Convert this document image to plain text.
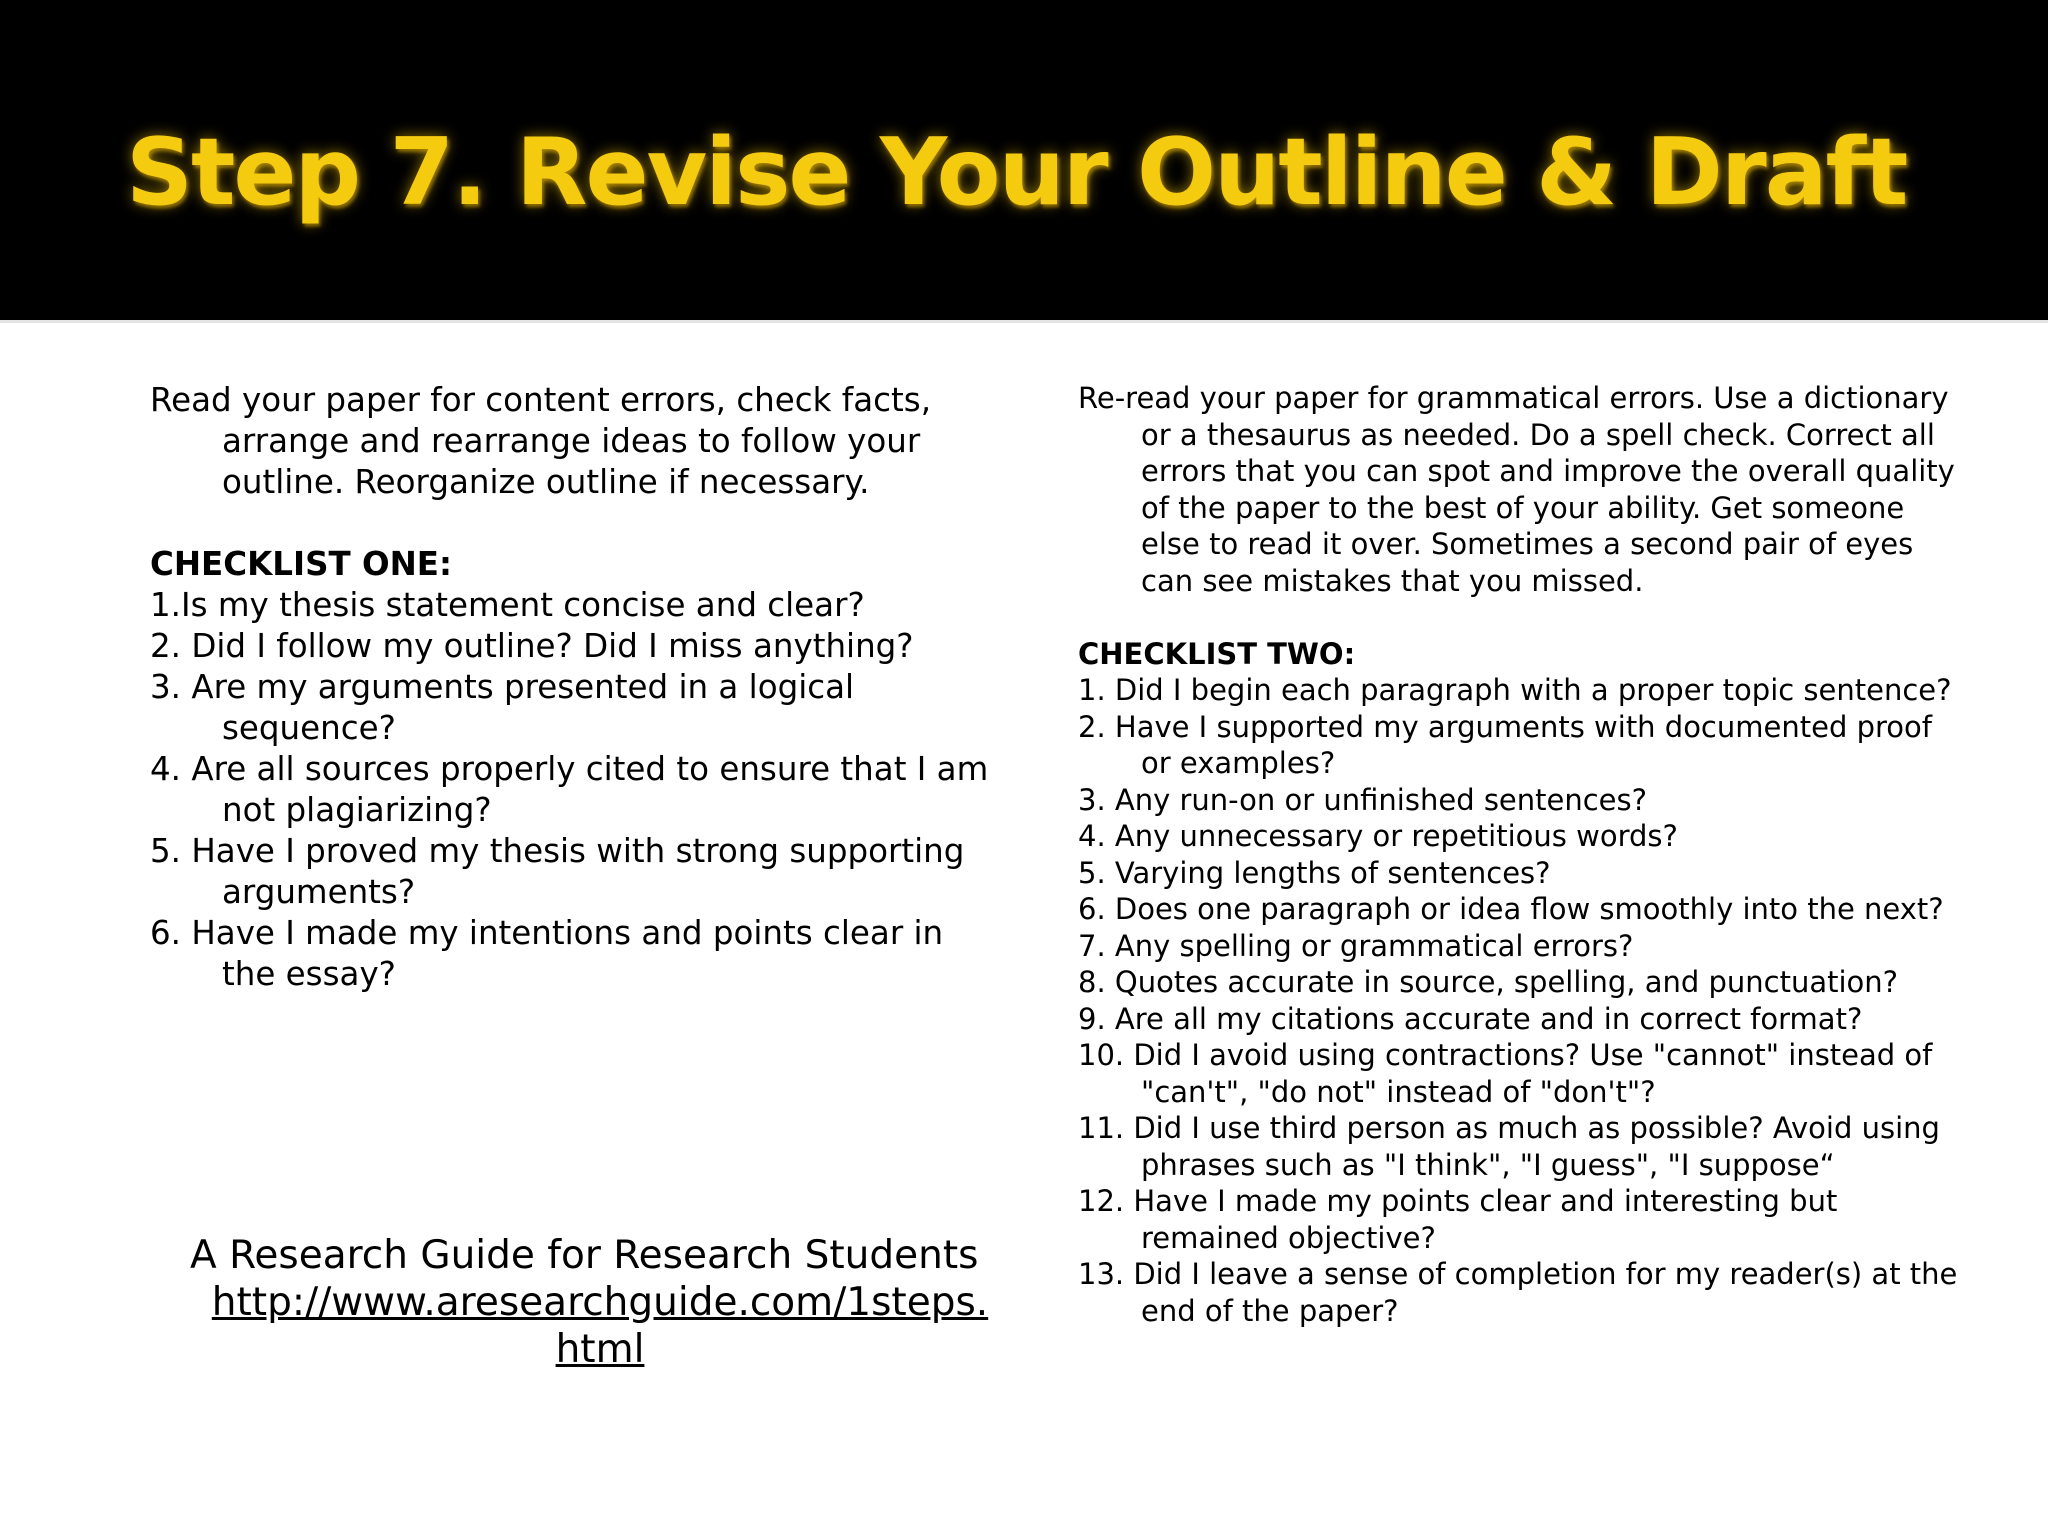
Step 7. Revise Your Outline & Draft

Read your paper for content errors, check facts, arrange and rearrange ideas to follow your outline. Reorganize outline if necessary.

CHECKLIST ONE:

1.Is my thesis statement concise and clear?
2. Did I follow my outline? Did I miss anything?
3. Are my arguments presented in a logical sequence?
4. Are all sources properly cited to ensure that I am not plagiarizing?
5. Have I proved my thesis with strong supporting arguments?
6. Have I made my intentions and points clear in the essay?
A Research Guide for Research Students
http://www.aresearchguide.com/1steps.
html

Re-read your paper for grammatical errors. Use a dictionary or a thesaurus as needed. Do a spell check. Correct all errors that you can spot and improve the overall quality of the paper to the best of your ability. Get someone else to read it over. Sometimes a second pair of eyes can see mistakes that you missed.

CHECKLIST TWO:

1. Did I begin each paragraph with a proper topic sentence?
2. Have I supported my arguments with documented proof or examples?
3. Any run-on or unfinished sentences?
4. Any unnecessary or repetitious words?
5. Varying lengths of sentences?
6. Does one paragraph or idea flow smoothly into the next?
7. Any spelling or grammatical errors?
8. Quotes accurate in source, spelling, and punctuation?
9. Are all my citations accurate and in correct format?
10. Did I avoid using contractions? Use "cannot" instead of "can't", "do not" instead of "don't"?
11. Did I use third person as much as possible? Avoid using phrases such as "I think", "I guess", "I suppose“
12. Have I made my points clear and interesting but remained objective?
13. Did I leave a sense of completion for my reader(s) at the end of the paper?
